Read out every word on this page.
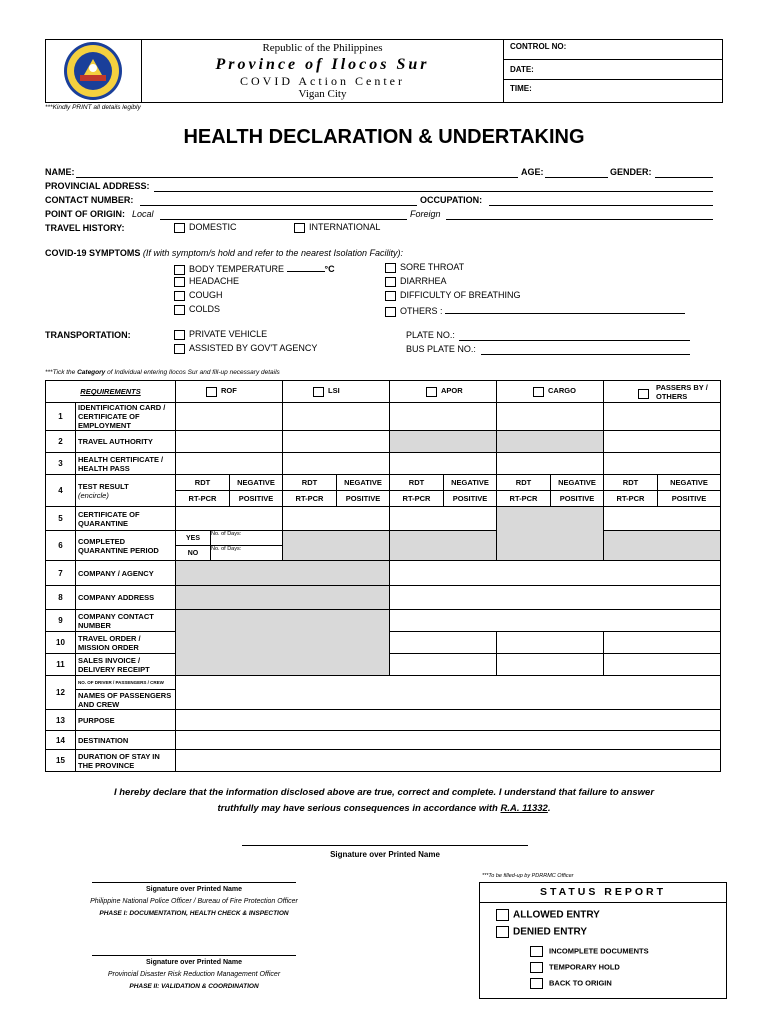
Republic of the Philippines
Province of Ilocos Sur
COVID Action Center
Vigan City
CONTROL NO:
DATE:
TIME:
***Kindly PRINT all details legibly
HEALTH DECLARATION & UNDERTAKING
NAME:	AGE:	GENDER:
PROVINCIAL ADDRESS:
CONTACT NUMBER:	OCCUPATION:
POINT OF ORIGIN: Local	Foreign
TRAVEL HISTORY:	DOMESTIC	INTERNATIONAL
COVID-19 SYMPTOMS (If with symptom/s hold and refer to the nearest Isolation Facility):
BODY TEMPERATURE	°C
HEADACHE
COUGH
COLDS
SORE THROAT
DIARRHEA
DIFFICULTY OF BREATHING
OTHERS :
TRANSPORTATION:	PRIVATE VEHICLE
ASSISTED BY GOV'T AGENCY
PLATE NO.:
BUS PLATE NO.:
***Tick the Category of Individual entering Ilocos Sur and fill-up necessary details
REQUIREMENTS	ROF	LSI	APOR	CARGO	PASSERS BY / OTHERS

1	IDENTIFICATION CARD / CERTIFICATE OF EMPLOYMENT					
2	TRAVEL AUTHORITY					
3	HEALTH CERTIFICATE / HEALTH PASS					
4	TEST RESULT
(encircle)	RDT	NEGATIVE	RDT	NEGATIVE	RDT	NEGATIVE	RDT	NEGATIVE	RDT	NEGATIVE
RT-PCR	POSITIVE	RT-PCR	POSITIVE	RT-PCR	POSITIVE	RT-PCR	POSITIVE	RT-PCR	POSITIVE
5	CERTIFICATE OF QUARANTINE					
6	COMPLETED QUARANTINE PERIOD	
YES	No. of Days:
NO	No. of Days:

7	COMPANY / AGENCY		
8	COMPANY ADDRESS		
9	COMPANY CONTACT NUMBER		
10	TRAVEL ORDER / MISSION ORDER			
11	SALES INVOICE / DELIVERY RECEIPT			
12	NO. OF DRIVER / PASSENGERS / CREW	
NAMES OF PASSENGERS AND CREW
13	PURPOSE	
14	DESTINATION	
15	DURATION OF STAY IN THE PROVINCE	
I hereby declare that the information disclosed above are true, correct and complete. I understand that failure to answer
truthfully may have serious consequences in accordance with R.A. 11332.
Signature over Printed Name
Signature over Printed Name
Philippine National Police Officer / Bureau of Fire Protection Officer
PHASE I: DOCUMENTATION, HEALTH CHECK & INSPECTION
Signature over Printed Name
Provincial Disaster Risk Reduction Management Officer
PHASE II: VALIDATION & COORDINATION
***To be filled-up by PDRRMC Officer
STATUS REPORT
ALLOWED ENTRY
DENIED ENTRY
INCOMPLETE DOCUMENTS
TEMPORARY HOLD
BACK TO ORIGIN
